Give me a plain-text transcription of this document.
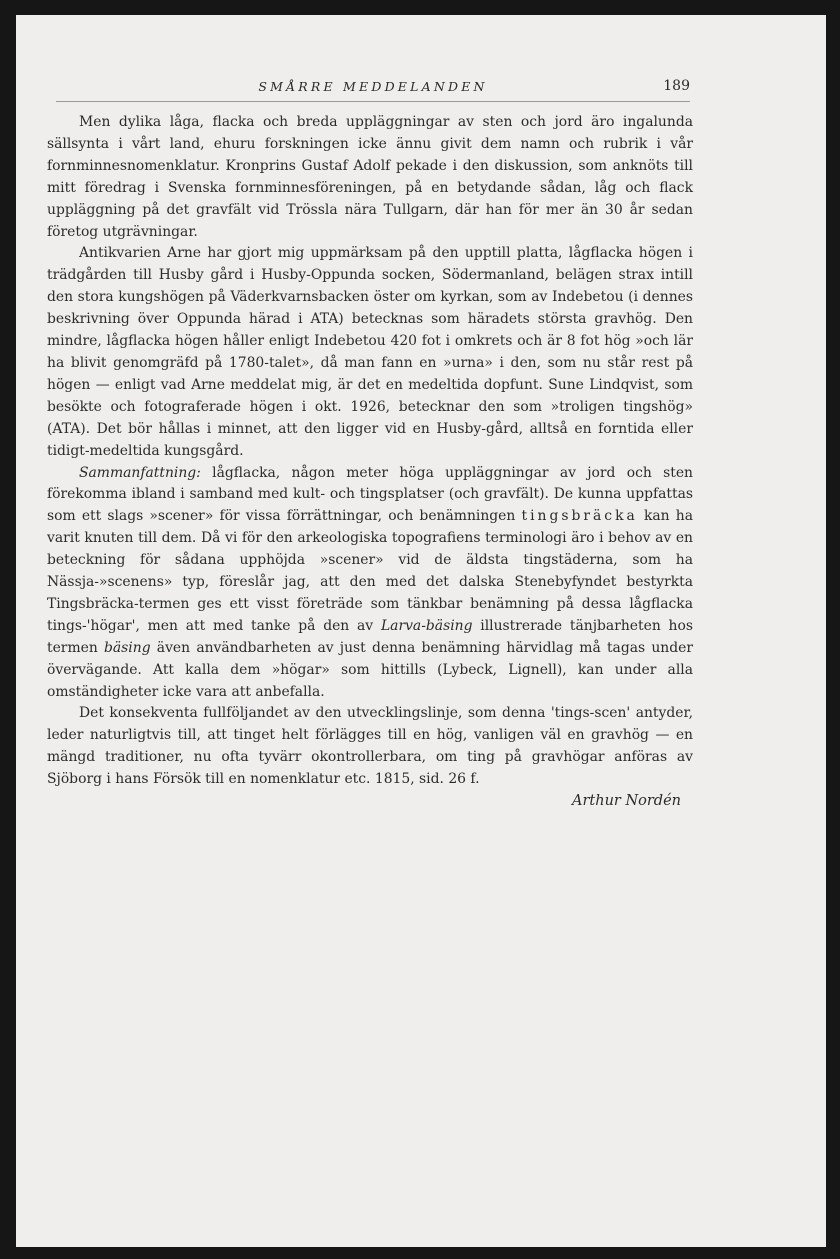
SMÅRRE MEDDELANDEN	189

Men dylika låga, flacka och breda uppläggningar av sten och jord äro ingalunda sällsynta i vårt land, ehuru forskningen icke ännu givit dem namn och rubrik i vår fornminnesnomenklatur. Kronprins Gustaf Adolf pekade i den diskussion, som anknöts till mitt föredrag i Svenska fornminnesföreningen, på en betydande sådan, låg och flack uppläggning på det gravfält vid Trössla nära Tullgarn, där han för mer än 30 år sedan företog utgrävningar.

Antikvarien Arne har gjort mig uppmärksam på den upptill platta, lågflacka högen i trädgården till Husby gård i Husby-Oppunda socken, Södermanland, belägen strax intill den stora kungshögen på Väderkvarnsbacken öster om kyrkan, som av Indebetou (i dennes beskrivning över Oppunda härad i ATA) betecknas som häradets största gravhög. Den mindre, lågflacka högen håller enligt Indebetou 420 fot i omkrets och är 8 fot hög »och lär ha blivit genomgräfd på 1780-talet», då man fann en »urna» i den, som nu står rest på högen — enligt vad Arne meddelat mig, är det en medeltida dopfunt. Sune Lindqvist, som besökte och fotograferade högen i okt. 1926, betecknar den som »troligen tingshög» (ATA). Det bör hållas i minnet, att den ligger vid en Husby-gård, alltså en forntida eller tidigt-medeltida kungsgård.

Sammanfattning: lågflacka, någon meter höga uppläggningar av jord och sten förekomma ibland i samband med kult- och tingsplatser (och gravfält). De kunna uppfattas som ett slags »scener» för vissa förrättningar, och benämningen tingsbräcka kan ha varit knuten till dem. Då vi för den arkeologiska topografiens terminologi äro i behov av en beteckning för sådana upphöjda »scener» vid de äldsta tingstäderna, som ha Nässja-»scenens» typ, föreslår jag, att den med det dalska Stenebyfyndet bestyrkta Tingsbräcka-termen ges ett visst företräde som tänkbar benämning på dessa lågflacka tings-'högar', men att med tanke på den av Larva-bäsing illustrerade tänjbarheten hos termen bäsing även användbarheten av just denna benämning härvidlag må tagas under övervägande. Att kalla dem »högar» som hittills (Lybeck, Lignell), kan under alla omständigheter icke vara att anbefalla.

Det konsekventa fullföljandet av den utvecklingslinje, som denna 'tings-scen' antyder, leder naturligtvis till, att tinget helt förlägges till en hög, vanligen väl en gravhög — en mängd traditioner, nu ofta tyvärr okontrollerbara, om ting på gravhögar anföras av Sjöborg i hans Försök till en nomenklatur etc. 1815, sid. 26 f.

Arthur Nordén
